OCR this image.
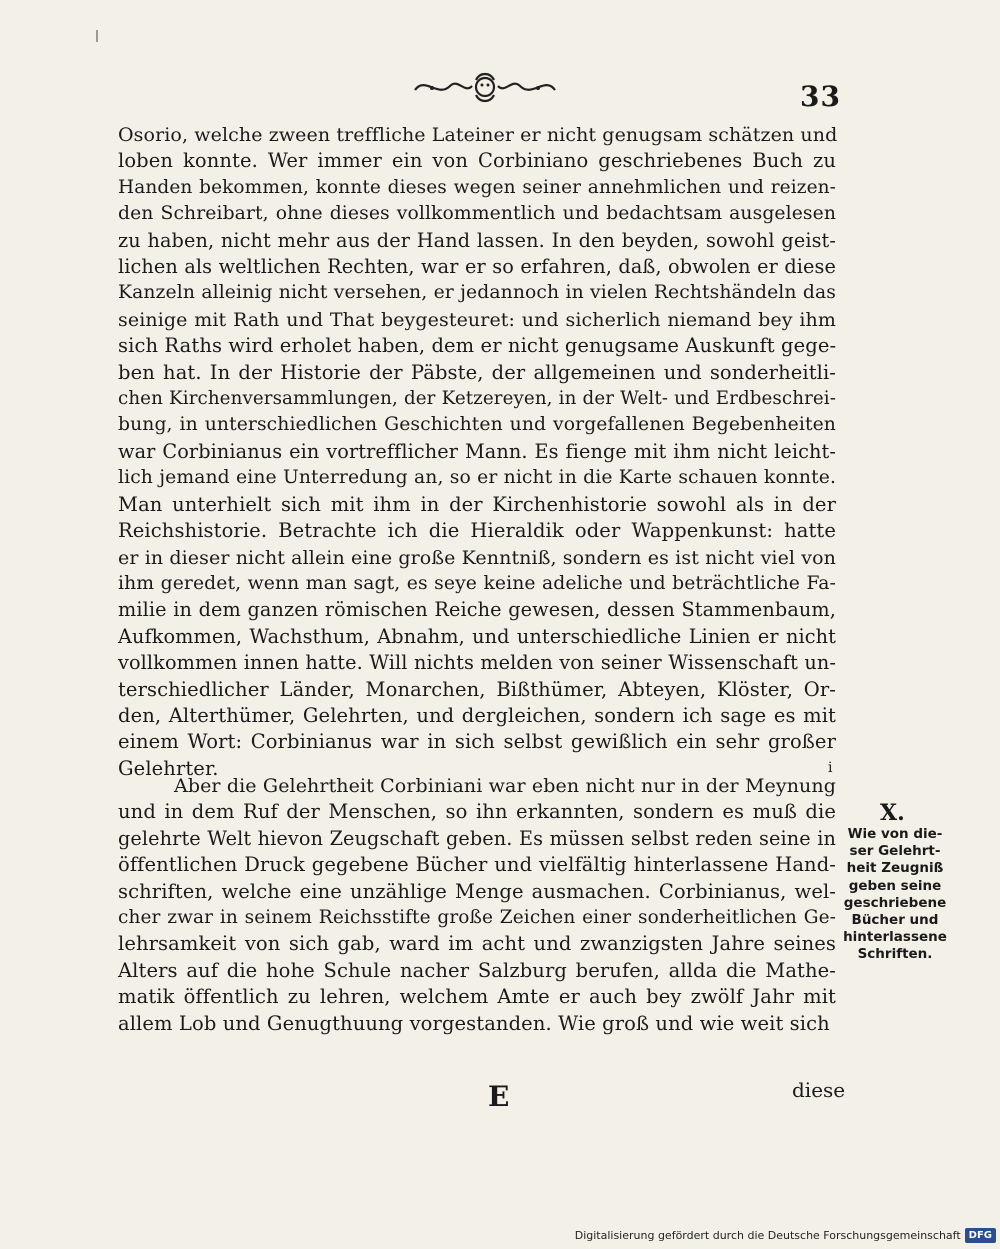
33
Osorio, welche zween treffliche Lateiner er nicht genugsam schätzen und
loben konnte. Wer immer ein von Corbiniano geschriebenes Buch zu
Handen bekommen, konnte dieses wegen seiner annehmlichen und reizen-
den Schreibart, ohne dieses vollkommentlich und bedachtsam ausgelesen
zu haben, nicht mehr aus der Hand lassen. In den beyden, sowohl geist-
lichen als weltlichen Rechten, war er so erfahren, daß, obwolen er diese
Kanzeln alleinig nicht versehen, er jedannoch in vielen Rechtshändeln das
seinige mit Rath und That beygesteuret: und sicherlich niemand bey ihm
sich Raths wird erholet haben, dem er nicht genugsame Auskunft gege-
ben hat. In der Historie der Päbste, der allgemeinen und sonderheitli-
chen Kirchenversammlungen, der Ketzereyen, in der Welt- und Erdbeschrei-
bung, in unterschiedlichen Geschichten und vorgefallenen Begebenheiten
war Corbinianus ein vortrefflicher Mann. Es fienge mit ihm nicht leicht-
lich jemand eine Unterredung an, so er nicht in die Karte schauen konnte.
Man unterhielt sich mit ihm in der Kirchenhistorie sowohl als in der
Reichshistorie. Betrachte ich die Hieraldik oder Wappenkunst: hatte
er in dieser nicht allein eine große Kenntniß, sondern es ist nicht viel von
ihm geredet, wenn man sagt, es seye keine adeliche und beträchtliche Fa-
milie in dem ganzen römischen Reiche gewesen, dessen Stammenbaum,
Aufkommen, Wachsthum, Abnahm, und unterschiedliche Linien er nicht
vollkommen innen hatte. Will nichts melden von seiner Wissenschaft un-
terschiedlicher Länder, Monarchen, Bißthümer, Abteyen, Klöster, Or-
den, Alterthümer, Gelehrten, und dergleichen, sondern ich sage es mit
einem Wort: Corbinianus war in sich selbst gewißlich ein sehr großer
Gelehrter.	ⅰ
Aber die Gelehrtheit Corbiniani war eben nicht nur in der Meynung
und in dem Ruf der Menschen, so ihn erkannten, sondern es muß die
gelehrte Welt hievon Zeugschaft geben. Es müssen selbst reden seine in
öffentlichen Druck gegebene Bücher und vielfältig hinterlassene Hand-
schriften, welche eine unzählige Menge ausmachen. Corbinianus, wel-
cher zwar in seinem Reichsstifte große Zeichen einer sonderheitlichen Ge-
lehrsamkeit von sich gab, ward im acht und zwanzigsten Jahre seines
Alters auf die hohe Schule nacher Salzburg berufen, allda die Mathe-
matik öffentlich zu lehren, welchem Amte er auch bey zwölf Jahr mit
allem Lob und Genugthuung vorgestanden. Wie groß und wie weit sich
X.
Wie von die-
ser Gelehrt-
heit Zeugniß
geben seine
geschriebene
Bücher und
hinterlassene
Schriften.
E	diese
Digitalisierung gefördert durch die Deutsche Forschungsgemeinschaft DFG
